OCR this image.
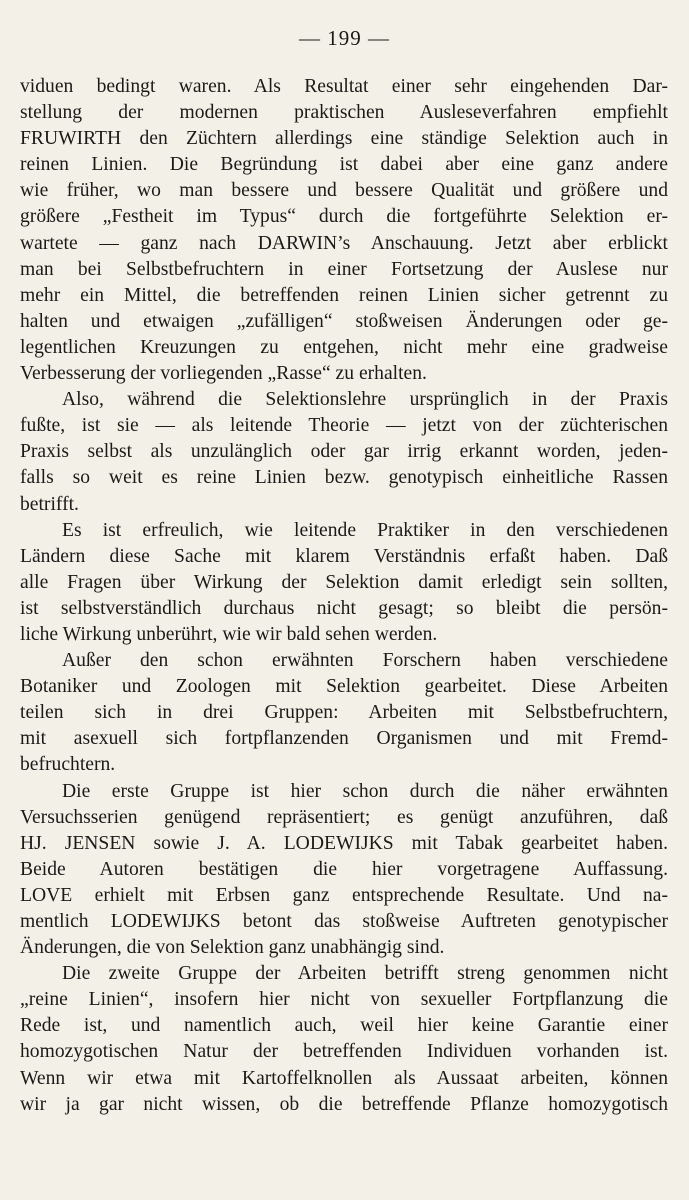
— 199 —
viduen bedingt waren. Als Resultat einer sehr eingehenden Dar-
stellung der modernen praktischen Ausleseverfahren empfiehlt
FRUWIRTH den Züchtern allerdings eine ständige Selektion auch in
reinen Linien. Die Begründung ist dabei aber eine ganz andere
wie früher, wo man bessere und bessere Qualität und größere und
größere „Festheit im Typus“ durch die fortgeführte Selektion er-
wartete — ganz nach DARWIN’s Anschauung. Jetzt aber erblickt
man bei Selbstbefruchtern in einer Fortsetzung der Auslese nur
mehr ein Mittel, die betreffenden reinen Linien sicher getrennt zu
halten und etwaigen „zufälligen“ stoßweisen Änderungen oder ge-
legentlichen Kreuzungen zu entgehen, nicht mehr eine gradweise
Verbesserung der vorliegenden „Rasse“ zu erhalten.
Also, während die Selektionslehre ursprünglich in der Praxis
fußte, ist sie — als leitende Theorie — jetzt von der züchterischen
Praxis selbst als unzulänglich oder gar irrig erkannt worden, jeden-
falls so weit es reine Linien bezw. genotypisch einheitliche Rassen
betrifft.
Es ist erfreulich, wie leitende Praktiker in den verschiedenen
Ländern diese Sache mit klarem Verständnis erfaßt haben. Daß
alle Fragen über Wirkung der Selektion damit erledigt sein sollten,
ist selbstverständlich durchaus nicht gesagt; so bleibt die persön-
liche Wirkung unberührt, wie wir bald sehen werden.
Außer den schon erwähnten Forschern haben verschiedene
Botaniker und Zoologen mit Selektion gearbeitet. Diese Arbeiten
teilen sich in drei Gruppen: Arbeiten mit Selbstbefruchtern,
mit asexuell sich fortpflanzenden Organismen und mit Fremd-
befruchtern.
Die erste Gruppe ist hier schon durch die näher erwähnten
Versuchsserien genügend repräsentiert; es genügt anzuführen, daß
HJ. JENSEN sowie J. A. LODEWIJKS mit Tabak gearbeitet haben.
Beide Autoren bestätigen die hier vorgetragene Auffassung.
LOVE erhielt mit Erbsen ganz entsprechende Resultate. Und na-
mentlich LODEWIJKS betont das stoßweise Auftreten genotypischer
Änderungen, die von Selektion ganz unabhängig sind.
Die zweite Gruppe der Arbeiten betrifft streng genommen nicht
„reine Linien“, insofern hier nicht von sexueller Fortpflanzung die
Rede ist, und namentlich auch, weil hier keine Garantie einer
homozygotischen Natur der betreffenden Individuen vorhanden ist.
Wenn wir etwa mit Kartoffelknollen als Aussaat arbeiten, können
wir ja gar nicht wissen, ob die betreffende Pflanze homozygotisch
